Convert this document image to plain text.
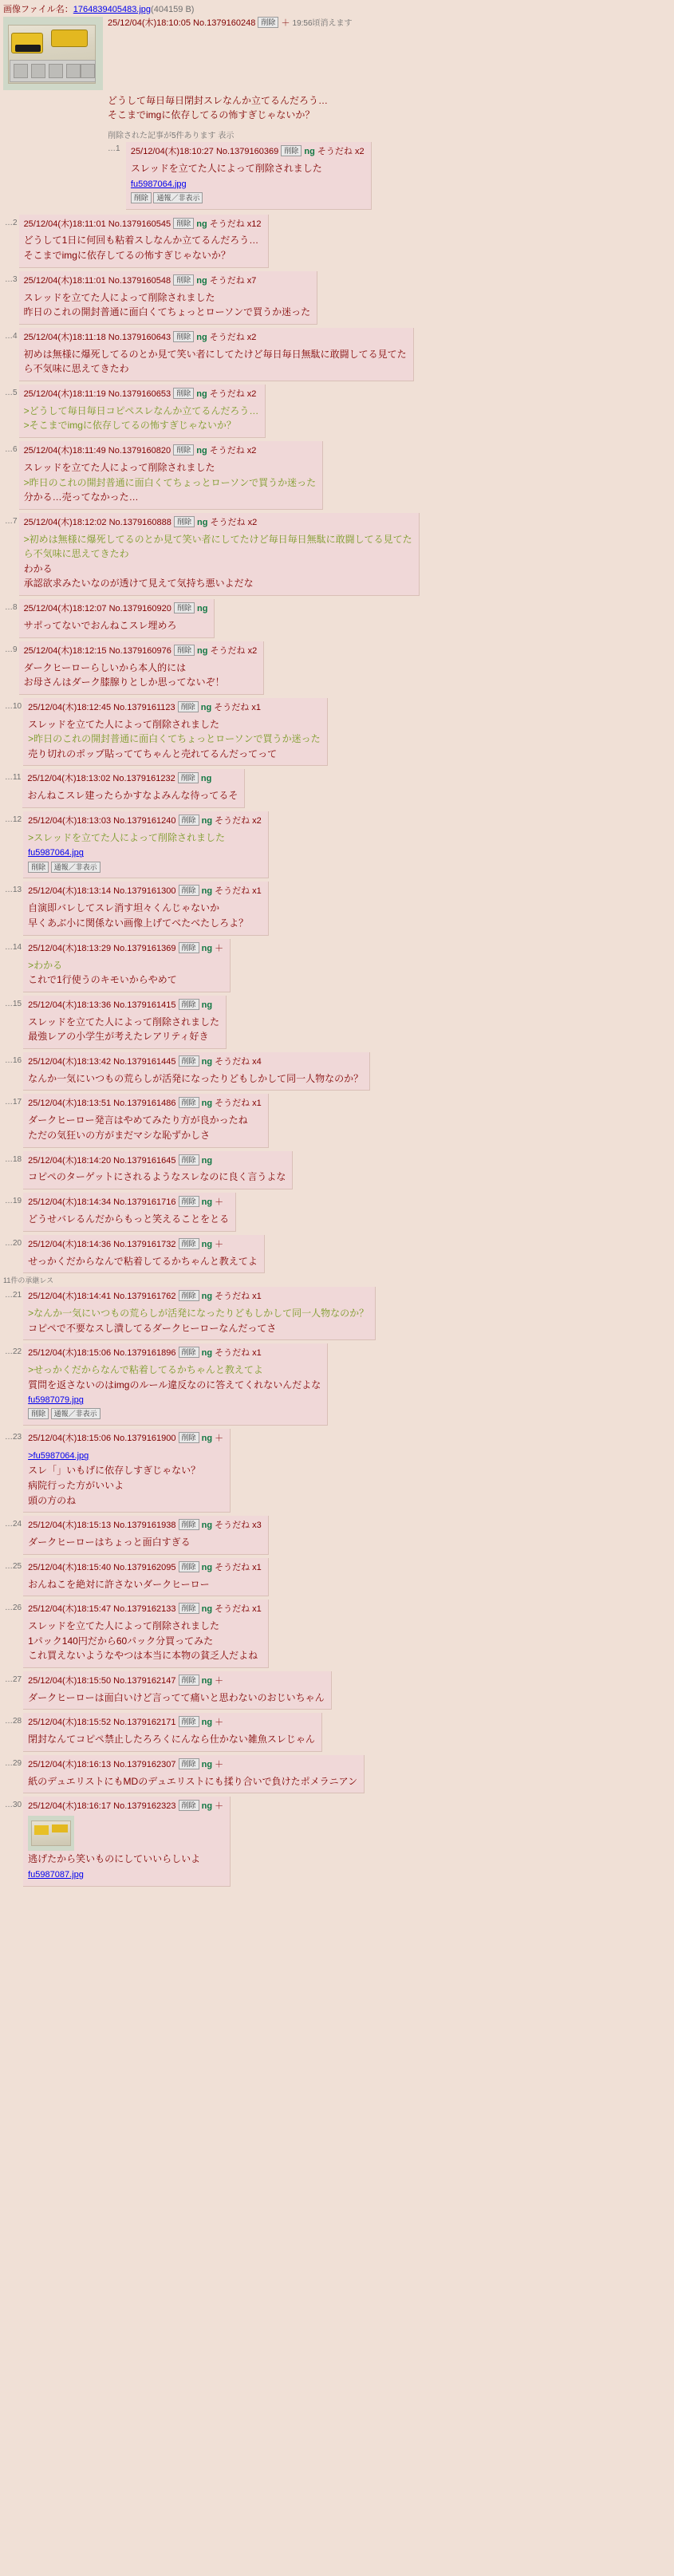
画像ファイル名：1764839405483.jpg(404159 B)
25/12/04(木)18:10:05 No.1379160248 削除 ＋ 19:56頃消えます
どうして毎日毎日閉封スレなんか立てるんだろう…
そこまでimgに依存してるの怖すぎじゃないか？
削除された記事が5件あります 表示
…1 25/12/04(木)18:10:27 No.1379160369 削除 ng そうだね x2
スレッドを立てた人によって削除されました
fu5987064.jpg
削除 通報／非表示
…2 25/12/04(木)18:11:01 No.1379160545 削除 ng そうだね x12
どうして1日に何回も粘着スしなんか立てるんだろう…
そこまでimgに依存してるの怖すぎじゃないか？
…3 25/12/04(木)18:11:01 No.1379160548 削除 ng そうだね x7
スレッドを立てた人によって削除されました
昨日のこれの開封普通に面白くてちょっとローソンで買うか迷った
…4 25/12/04(木)18:11:18 No.1379160643 削除 ng そうだね x2
初めは無様に爆死してるのとか見て笑い者にしてたけど毎日毎日無駄に敢闘してる見てた
ら不気味に思えてきたわ
…5 25/12/04(木)18:11:19 No.1379160653 削除 ng そうだね x2
>どうして毎日毎日コピペスレなんか立てるんだろう…
>そこまでimgに依存してるの怖すぎじゃないか？
…6 25/12/04(木)18:11:49 No.1379160820 削除 ng そうだね x2
スレッドを立てた人によって削除されました
>昨日のこれの開封普通に面白くてちょっとローソンで買うか迷った
分かる…売ってなかった…
…7 25/12/04(木)18:12:02 No.1379160888 削除 ng そうだね x2
>初めは無様に爆死してるのとか見て笑い者にしてたけど毎日毎日無駄に敢闘してる見てた
ら不気味に思えてきたわ
わかる
承認欲求みたいなのが透けて見えて気持ち悪いよだな
…8 25/12/04(木)18:12:07 No.1379160920 削除 ng
サポってないでおんねこスレ埋めろ
…9 25/12/04(木)18:12:15 No.1379160976 削除 ng そうだね x2
ダークヒーローらしいから本人的には
お母さんはダーク膝腺りとしか思ってないぞ！
…10 25/12/04(木)18:12:45 No.1379161123 削除 ng そうだね x1
スレッドを立てた人によって削除されました
>昨日のこれの開封普通に面白くてちょっとローソンで買うか迷った
売り切れのポップ貼っててちゃんと売れてるんだってって
…11 25/12/04(木)18:13:02 No.1379161232 削除 ng
おんねこスレ建ったらかすなよみんな待ってるそ
…12 25/12/04(木)18:13:03 No.1379161240 削除 ng そうだね x2
>スレッドを立てた人によって削除されました
fu5987064.jpg
削除 通報／非表示
…13 25/12/04(木)18:13:14 No.1379161300 削除 ng そうだね x1
自演即バレしてスレ消す坦々くんじゃないか
早くあぶ小に関係ない画像上げてべたべたしろよ？
…14 25/12/04(木)18:13:29 No.1379161369 削除 ng ＋
>わかる
これで1行使うのキモいからやめて
…15 25/12/04(木)18:13:36 No.1379161415 削除 ng
スレッドを立てた人によって削除されました
最強レアの小学生が考えたレアリティ好き
…16 25/12/04(木)18:13:42 No.1379161445 削除 ng そうだね x4
なんか一気にいつもの荒らしが活発になったりどもしかして同一人物なのか？
…17 25/12/04(木)18:13:51 No.1379161486 削除 ng そうだね x1
ダークヒーロー発言はやめてみたり方が良かったね
ただの気狂いの方がまだマシな恥ずかしさ
…18 25/12/04(木)18:14:20 No.1379161645 削除 ng
コピペのターゲットにされるようなスレなのに良く言うよな
…19 25/12/04(木)18:14:34 No.1379161716 削除 ng ＋
どうせバレるんだからもっと笑えることをとる
…20 25/12/04(木)18:14:36 No.1379161732 削除 ng ＋
せっかくだからなんで粘着してるかちゃんと教えてよ
11件の承継レス
…21 25/12/04(木)18:14:41 No.1379161762 削除 ng そうだね x1
>なんか一気にいつもの荒らしが活発になったりどもしかして同一人物なのか？
コピペで不要なスし潰してるダークヒーローなんだってさ
…22 25/12/04(木)18:15:06 No.1379161896 削除 ng そうだね x1
>せっかくだからなんで粘着してるかちゃんと教えてよ
質問を返さないのはimgのルール違反なのに答えてくれないんだよな
fu5987079.jpg
削除 通報／非表示
…23 25/12/04(木)18:15:06 No.1379161900 削除 ng ＋
>fu5987064.jpg
スレ「」いもげに依存しすぎじゃない？
病院行った方がいいよ
頭の方のね
…24 25/12/04(木)18:15:13 No.1379161938 削除 ng そうだね x3
ダークヒーローはちょっと面白すぎる
…25 25/12/04(木)18:15:40 No.1379162095 削除 ng そうだね x1
おんねこを絶対に許さないダークヒーロー
…26 25/12/04(木)18:15:47 No.1379162133 削除 ng そうだね x1
スレッドを立てた人によって削除されました
1パック140円だから60パック分買ってみた
これ買えないようなやつは本当に本物の貧乏人だよね
…27 25/12/04(木)18:15:50 No.1379162147 削除 ng ＋
ダークヒーローは面白いけど言ってて痛いと思わないのおじいちゃん
…28 25/12/04(木)18:15:52 No.1379162171 削除 ng ＋
閉封なんてコピペ禁止したろろくにんなら仕かない雑魚スレじゃん
…29 25/12/04(木)18:16:13 No.1379162307 削除 ng ＋
紙のデュエリストにもMDのデュエリストにも揉り合いで負けたポメラニアン
…30 25/12/04(木)18:16:17 No.1379162323 削除 ng ＋
逃げたから笑いものにしていいらしいよ
fu5987087.jpg
